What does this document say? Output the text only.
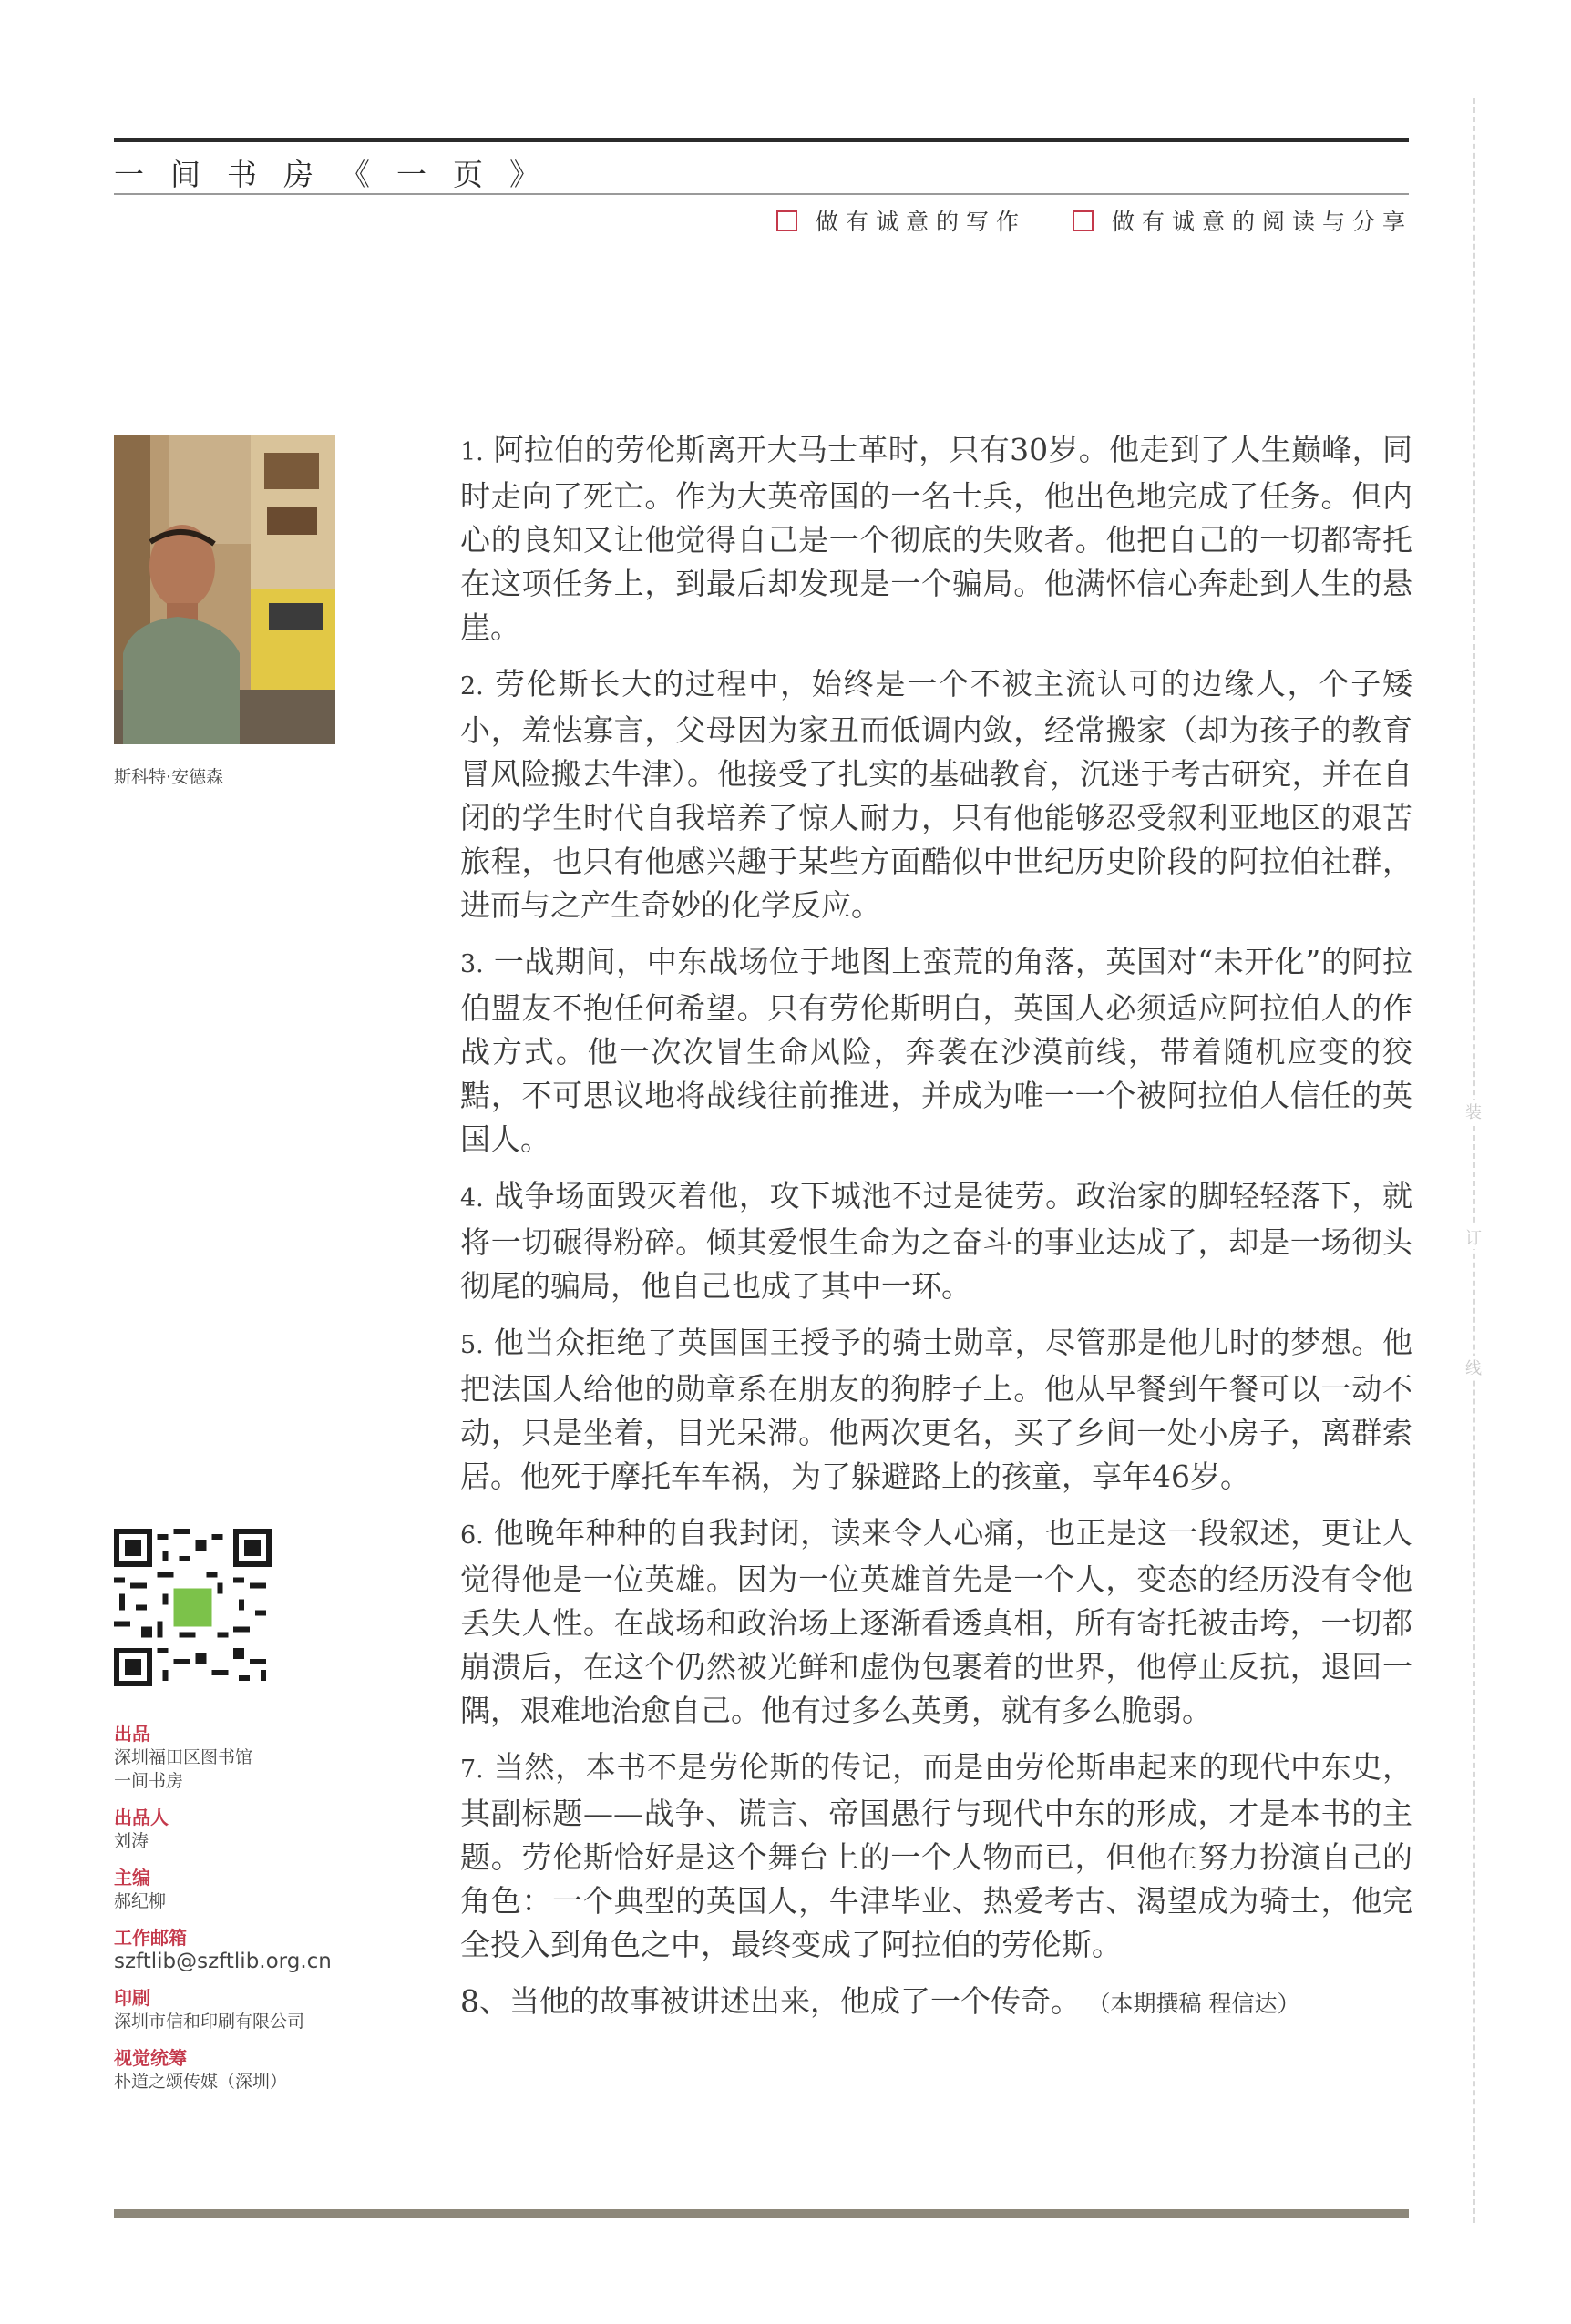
一间书房《一页》
做有诚意的写作	做有诚意的阅读与分享
斯科特·安德森
出品
深圳福田区图书馆
一间书房
出品人
刘涛
主编
郝纪柳
工作邮箱
szftlib@szftlib.org.cn
印刷
深圳市信和印刷有限公司
视觉统筹
朴道之颂传媒（深圳）

1. 阿拉伯的劳伦斯离开大马士革时，只有30岁。他走到了人生巅峰，同时走向了死亡。作为大英帝国的一名士兵，他出色地完成了任务。但内心的良知又让他觉得自己是一个彻底的失败者。他把自己的一切都寄托在这项任务上，到最后却发现是一个骗局。他满怀信心奔赴到人生的悬崖。

2. 劳伦斯长大的过程中，始终是一个不被主流认可的边缘人，个子矮小，羞怯寡言，父母因为家丑而低调内敛，经常搬家（却为孩子的教育冒风险搬去牛津）。他接受了扎实的基础教育，沉迷于考古研究，并在自闭的学生时代自我培养了惊人耐力，只有他能够忍受叙利亚地区的艰苦旅程，也只有他感兴趣于某些方面酷似中世纪历史阶段的阿拉伯社群，进而与之产生奇妙的化学反应。

3. 一战期间，中东战场位于地图上蛮荒的角落，英国对“未开化”的阿拉伯盟友不抱任何希望。只有劳伦斯明白，英国人必须适应阿拉伯人的作战方式。他一次次冒生命风险，奔袭在沙漠前线，带着随机应变的狡黠，不可思议地将战线往前推进，并成为唯一一个被阿拉伯人信任的英国人。

4. 战争场面毁灭着他，攻下城池不过是徒劳。政治家的脚轻轻落下，就将一切碾得粉碎。倾其爱恨生命为之奋斗的事业达成了，却是一场彻头彻尾的骗局，他自己也成了其中一环。

5. 他当众拒绝了英国国王授予的骑士勋章，尽管那是他儿时的梦想。他把法国人给他的勋章系在朋友的狗脖子上。他从早餐到午餐可以一动不动，只是坐着，目光呆滞。他两次更名，买了乡间一处小房子，离群索居。他死于摩托车车祸，为了躲避路上的孩童，享年46岁。

6. 他晚年种种的自我封闭，读来令人心痛，也正是这一段叙述，更让人觉得他是一位英雄。因为一位英雄首先是一个人，变态的经历没有令他丢失人性。在战场和政治场上逐渐看透真相，所有寄托被击垮，一切都崩溃后，在这个仍然被光鲜和虚伪包裹着的世界，他停止反抗，退回一隅，艰难地治愈自己。他有过多么英勇，就有多么脆弱。

7. 当然，本书不是劳伦斯的传记，而是由劳伦斯串起来的现代中东史，其副标题——战争、谎言、帝国愚行与现代中东的形成，才是本书的主题。劳伦斯恰好是这个舞台上的一个人物而已，但他在努力扮演自己的角色：一个典型的英国人，牛津毕业、热爱考古、渴望成为骑士，他完全投入到角色之中，最终变成了阿拉伯的劳伦斯。

8、当他的故事被讲述出来，他成了一个传奇。 （本期撰稿 程信达）

装
订
线
